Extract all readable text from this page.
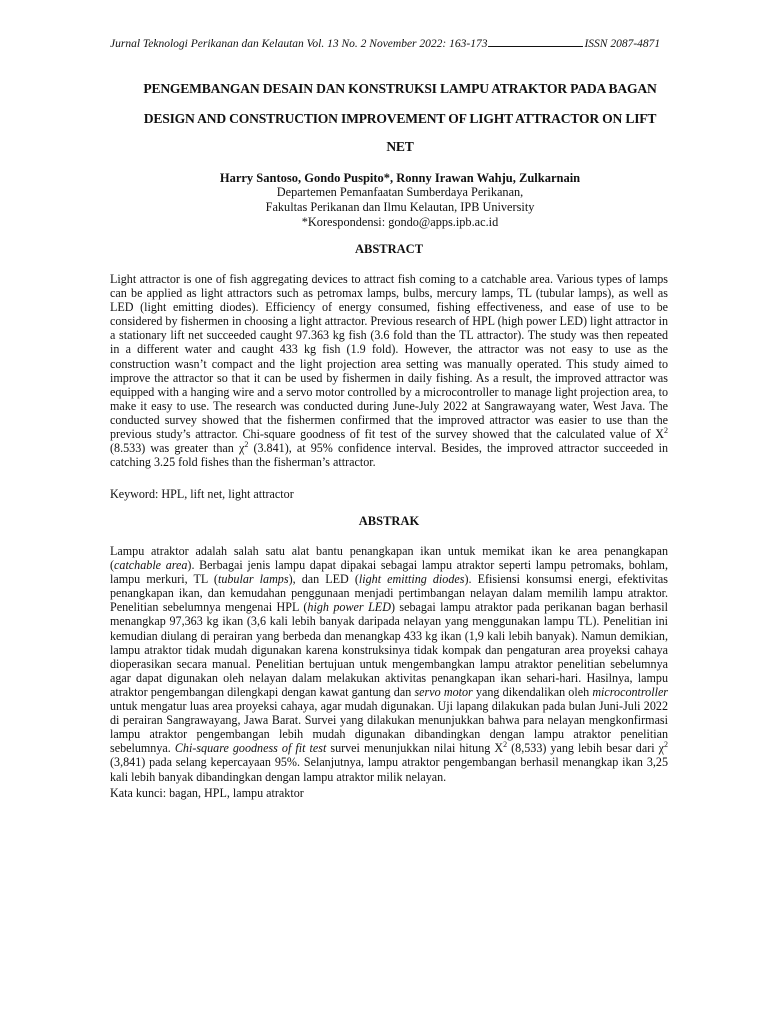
Jurnal Teknologi Perikanan dan Kelautan Vol. 13 No. 2 November 2022: 163-173	ISSN 2087-4871
PENGEMBANGAN DESAIN DAN KONSTRUKSI LAMPU ATRAKTOR PADA BAGAN
DESIGN AND CONSTRUCTION IMPROVEMENT OF LIGHT ATTRACTOR ON LIFT
NET
Harry Santoso, Gondo Puspito*, Ronny Irawan Wahju, Zulkarnain
Departemen Pemanfaatan Sumberdaya Perikanan,
Fakultas Perikanan dan Ilmu Kelautan, IPB University
*Korespondensi: gondo@apps.ipb.ac.id
ABSTRACT
Light attractor is one of fish aggregating devices to attract fish coming to a catchable area. Various types of lamps can be applied as light attractors such as petromax lamps, bulbs, mercury lamps, TL (tubular lamps), as well as LED (light emitting diodes). Efficiency of energy consumed, fishing effectiveness, and ease of use to be considered by fishermen in choosing a light attractor. Previous research of HPL (high power LED) light attractor in a stationary lift net succeeded caught 97.363 kg fish (3.6 fold than the TL attractor). The study was then repeated in a different water and caught 433 kg fish (1.9 fold). However, the attractor was not easy to use as the construction wasn’t compact and the light projection area setting was manually operated. This study aimed to improve the attractor so that it can be used by fishermen in daily fishing. As a result, the improved attractor was equipped with a hanging wire and a servo motor controlled by a microcontroller to manage light projection area, to make it easy to use. The research was conducted during June-July 2022 at Sangrawayang water, West Java. The conducted survey showed that the fishermen confirmed that the improved attractor was easier to use than the previous study’s attractor. Chi-square goodness of fit test of the survey showed that the calculated value of $X^2$ (8.533) was greater than $\chi^2$ (3.841), at 95% confidence interval. Besides, the improved attractor succeeded in catching 3.25 fold fishes than the fisherman’s attractor.
Keyword: HPL, lift net, light attractor
ABSTRAK
Lampu atraktor adalah salah satu alat bantu penangkapan ikan untuk memikat ikan ke area penangkapan (catchable area). Berbagai jenis lampu dapat dipakai sebagai lampu atraktor seperti lampu petromaks, bohlam, lampu merkuri, TL (tubular lamps), dan LED (light emitting diodes). Efisiensi konsumsi energi, efektivitas penangkapan ikan, dan kemudahan penggunaan menjadi pertimbangan nelayan dalam memilih lampu atraktor. Penelitian sebelumnya mengenai HPL (high power LED) sebagai lampu atraktor pada perikanan bagan berhasil menangkap 97,363 kg ikan (3,6 kali lebih banyak daripada nelayan yang menggunakan lampu TL). Penelitian ini kemudian diulang di perairan yang berbeda dan menangkap 433 kg ikan (1,9 kali lebih banyak). Namun demikian, lampu atraktor tidak mudah digunakan karena konstruksinya tidak kompak dan pengaturan area proyeksi cahaya dioperasikan secara manual. Penelitian bertujuan untuk mengembangkan lampu atraktor penelitian sebelumnya agar dapat digunakan oleh nelayan dalam melakukan aktivitas penangkapan ikan sehari-hari. Hasilnya, lampu atraktor pengembangan dilengkapi dengan kawat gantung dan servo motor yang dikendalikan oleh microcontroller untuk mengatur luas area proyeksi cahaya, agar mudah digunakan. Uji lapang dilakukan pada bulan Juni-Juli 2022 di perairan Sangrawayang, Jawa Barat. Survei yang dilakukan menunjukkan bahwa para nelayan mengkonfirmasi lampu atraktor pengembangan lebih mudah digunakan dibandingkan dengan lampu atraktor penelitian sebelumnya. Chi-square goodness of fit test survei menunjukkan nilai hitung $X^2$ (8,533) yang lebih besar dari $\chi^2$ (3,841) pada selang kepercayaan 95%. Selanjutnya, lampu atraktor pengembangan berhasil menangkap ikan 3,25 kali lebih banyak dibandingkan dengan lampu atraktor milik nelayan.
Kata kunci: bagan, HPL, lampu atraktor
